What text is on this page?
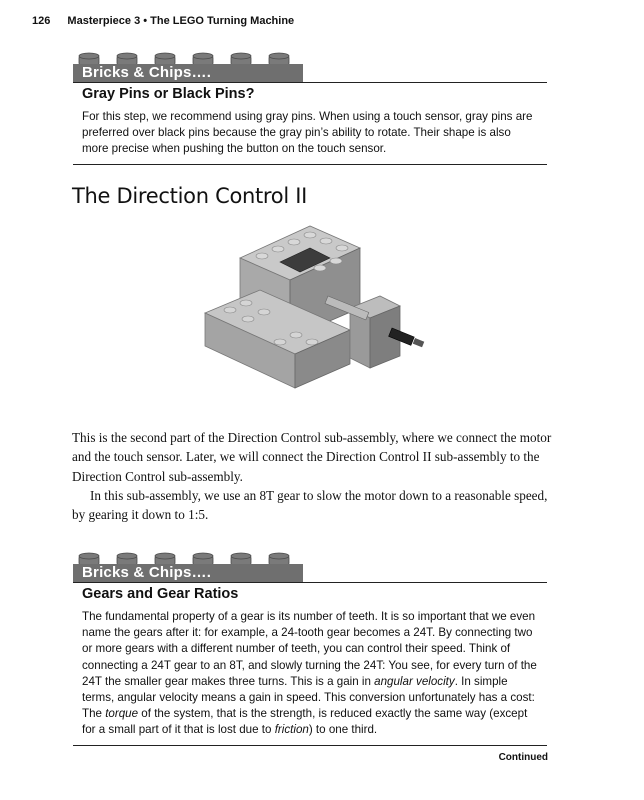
126 Masterpiece 3 • The LEGO Turning Machine
Bricks & Chips….
Gray Pins or Black Pins?

For this step, we recommend using gray pins. When using a touch sensor, gray pins are preferred over black pins because the gray pin’s ability to rotate. Their shape is also more precise when pushing the button on the touch sensor.

The Direction Control II

This is the second part of the Direction Control sub-assembly, where we connect the motor and the touch sensor. Later, we will connect the Direction Control II sub-assembly to the Direction Control sub-assembly.

In this sub-assembly, we use an 8T gear to slow the motor down to a reasonable speed, by gearing it down to 1:5.

Bricks & Chips….
Gears and Gear Ratios

The fundamental property of a gear is its number of teeth. It is so important that we even name the gears after it: for example, a 24-tooth gear becomes a 24T. By connecting two or more gears with a different number of teeth, you can control their speed. Think of connecting a 24T gear to an 8T, and slowly turning the 24T: You see, for every turn of the 24T the smaller gear makes three turns. This is a gain in angular velocity. In simple terms, angular velocity means a gain in speed. This conversion unfortunately has a cost: The torque of the system, that is the strength, is reduced exactly the same way (except for a small part of it that is lost due to friction) to one third.

Continued
